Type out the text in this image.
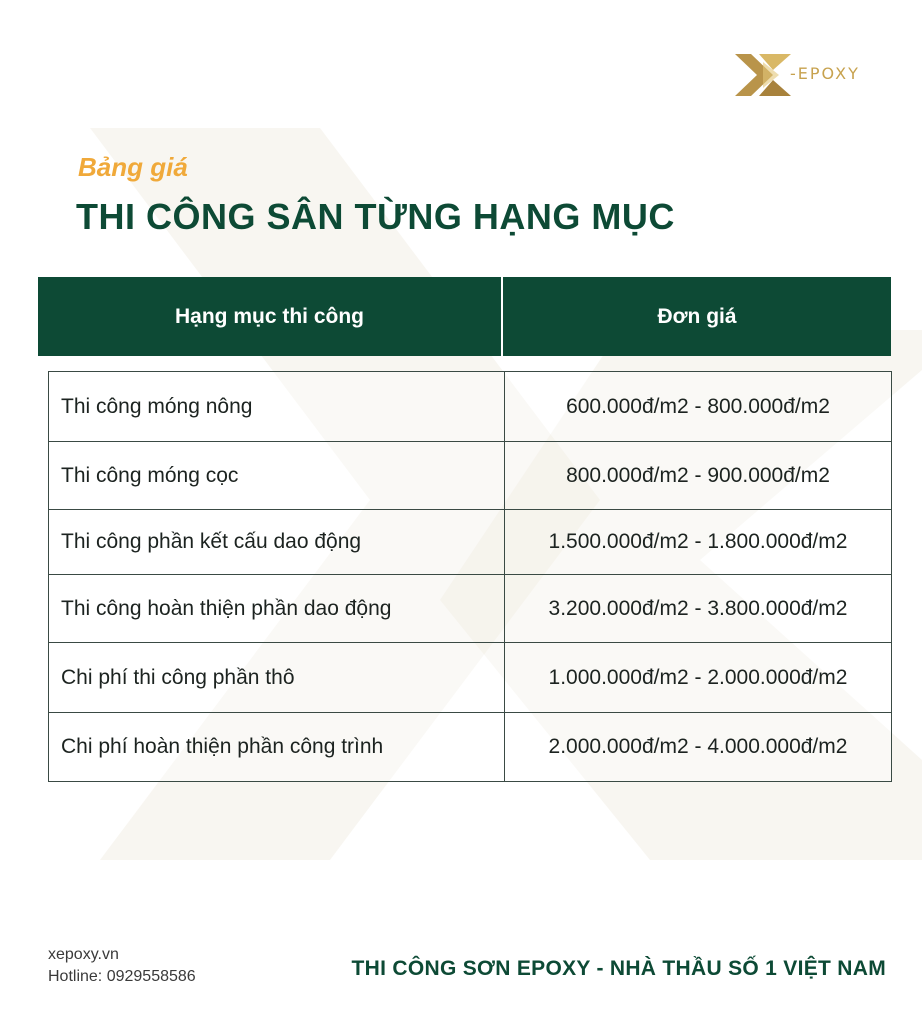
-EPOXY
Bảng giá
THI CÔNG SÂN TỪNG HẠNG MỤC
Hạng mục thi công	Đơn giá
Thi công móng nông	600.000đ/m2 - 800.000đ/m2
Thi công móng cọc	800.000đ/m2 - 900.000đ/m2
Thi công phần kết cấu dao động	1.500.000đ/m2 - 1.800.000đ/m2
Thi công hoàn thiện phần dao động	3.200.000đ/m2 - 3.800.000đ/m2
Chi phí thi công phần thô	1.000.000đ/m2 - 2.000.000đ/m2
Chi phí hoàn thiện phần công trình	2.000.000đ/m2 - 4.000.000đ/m2
xepoxy.vn
Hotline: 0929558586	THI CÔNG SƠN EPOXY - NHÀ THẦU SỐ 1 VIỆT NAM
